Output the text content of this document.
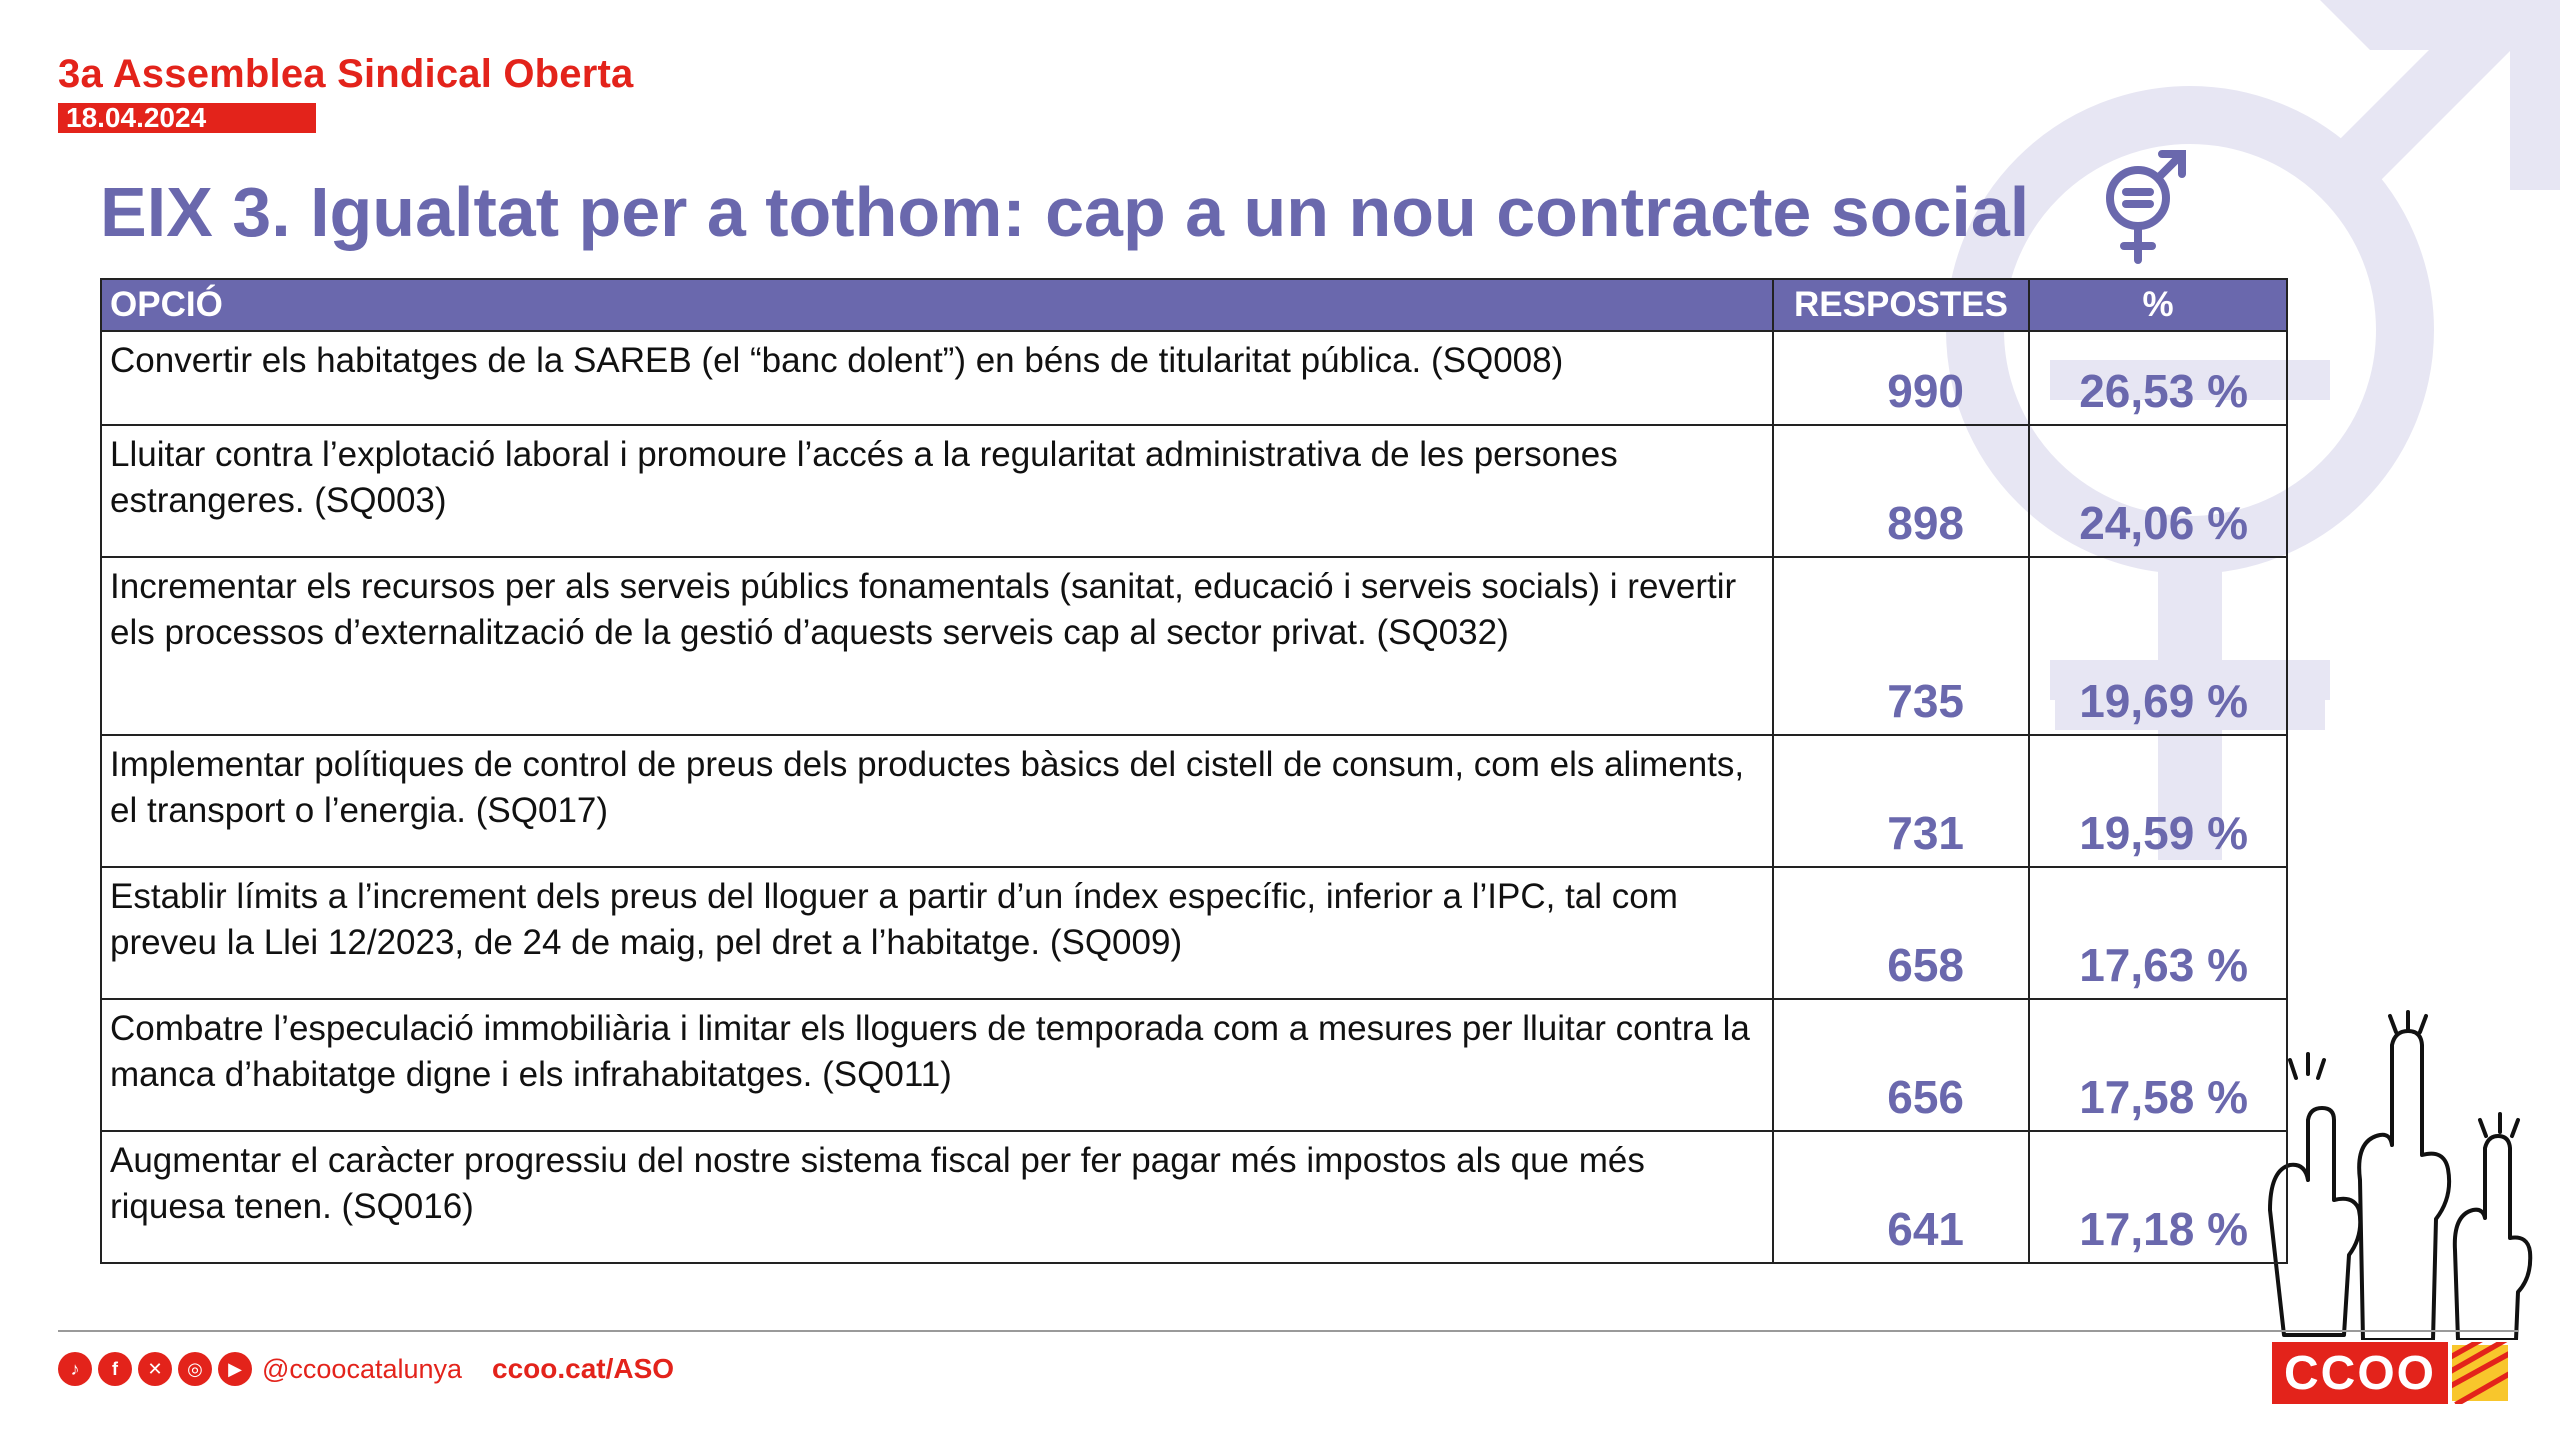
3a Assemblea Sindical Oberta
18.04.2024
EIX 3. Igualtat per a tothom: cap a un nou contracte social
OPCIÓ	RESPOSTES	%
Convertir els habitatges de la SAREB (el “banc dolent”) en béns de titularitat pública. (SQ008)	990	26,53 %
Lluitar contra l’explotació laboral i promoure l’accés a la regularitat administrativa de les persones estrangeres. (SQ003)	898	24,06 %
Incrementar els recursos per als serveis públics fonamentals (sanitat, educació i serveis socials) i revertir els processos d’externalització de la gestió d’aquests serveis cap al sector privat. (SQ032)	735	19,69 %
Implementar polítiques de control de preus dels productes bàsics del cistell de consum, com els aliments, el transport o l’energia. (SQ017)	731	19,59 %
Establir límits a l’increment dels preus del lloguer a partir d’un índex específic, inferior a l’IPC, tal com preveu la Llei 12/2023, de 24 de maig, pel dret a l’habitatge. (SQ009)	658	17,63 %
Combatre l’especulació immobiliària i limitar els lloguers de temporada com a mesures per lluitar contra la manca d’habitatge digne i els infrahabitatges. (SQ011)	656	17,58 %
Augmentar el caràcter progressiu del nostre sistema fiscal per fer pagar més impostos als que més riquesa tenen. (SQ016)	641	17,18 %
♪	f	✕	◎	▶ @ccoocatalunya ccoo.cat/ASO	CCOO
